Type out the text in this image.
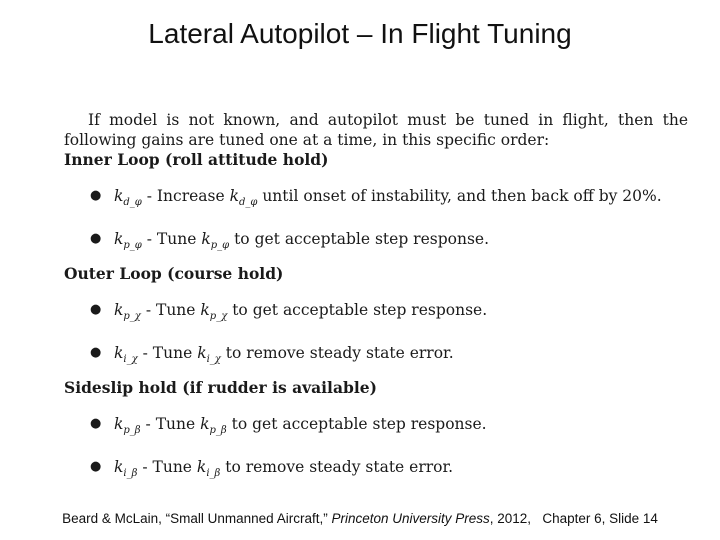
Lateral Autopilot – In Flight Tuning

If model is not known, and autopilot must be tuned in flight, then the following gains are tuned one at a time, in this specific order:

Inner Loop (roll attitude hold)

● $k_{d\_\varphi}$ - Increase $k_{d\_\varphi}$ until onset of instability, and then back off by 20%.
● $k_{p\_\varphi}$ - Tune $k_{p\_\varphi}$ to get acceptable step response.

Outer Loop (course hold)

● $k_{p\_\chi}$ - Tune $k_{p\_\chi}$ to get acceptable step response.
● $k_{i\_\chi}$ - Tune $k_{i\_\chi}$ to remove steady state error.

Sideslip hold (if rudder is available)

● $k_{p\_\beta}$ - Tune $k_{p\_\beta}$ to get acceptable step response.
● $k_{i\_\beta}$ - Tune $k_{i\_\beta}$ to remove steady state error.
Beard & McLain, “Small Unmanned Aircraft,” Princeton University Press, 2012,   Chapter 6, Slide 14
